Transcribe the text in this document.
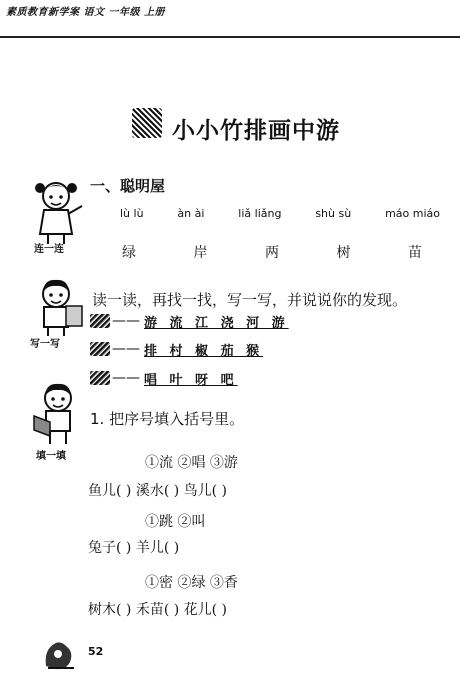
素质教育新学案 语文 一年级 上册
小小竹排画中游
连一连
一、聪明屋
lù lù	àn ài	liǎ liǎng	shù sù	máo miáo
绿	岸	两	树	苗
写一写
读一读，再找一找，写一写，并说说你的发现。
—— 游 流 江 浇 河 游
—— 排 村 椒 茄 猴
—— 唱 叶 呀 吧
填一填
1. 把序号填入括号里。
①流 ②唱 ③游
鱼儿( ) 溪水( ) 鸟儿( )
①跳 ②叫
兔子( ) 羊儿( )
①密 ②绿 ③香
树木( ) 禾苗( ) 花儿( )
52
